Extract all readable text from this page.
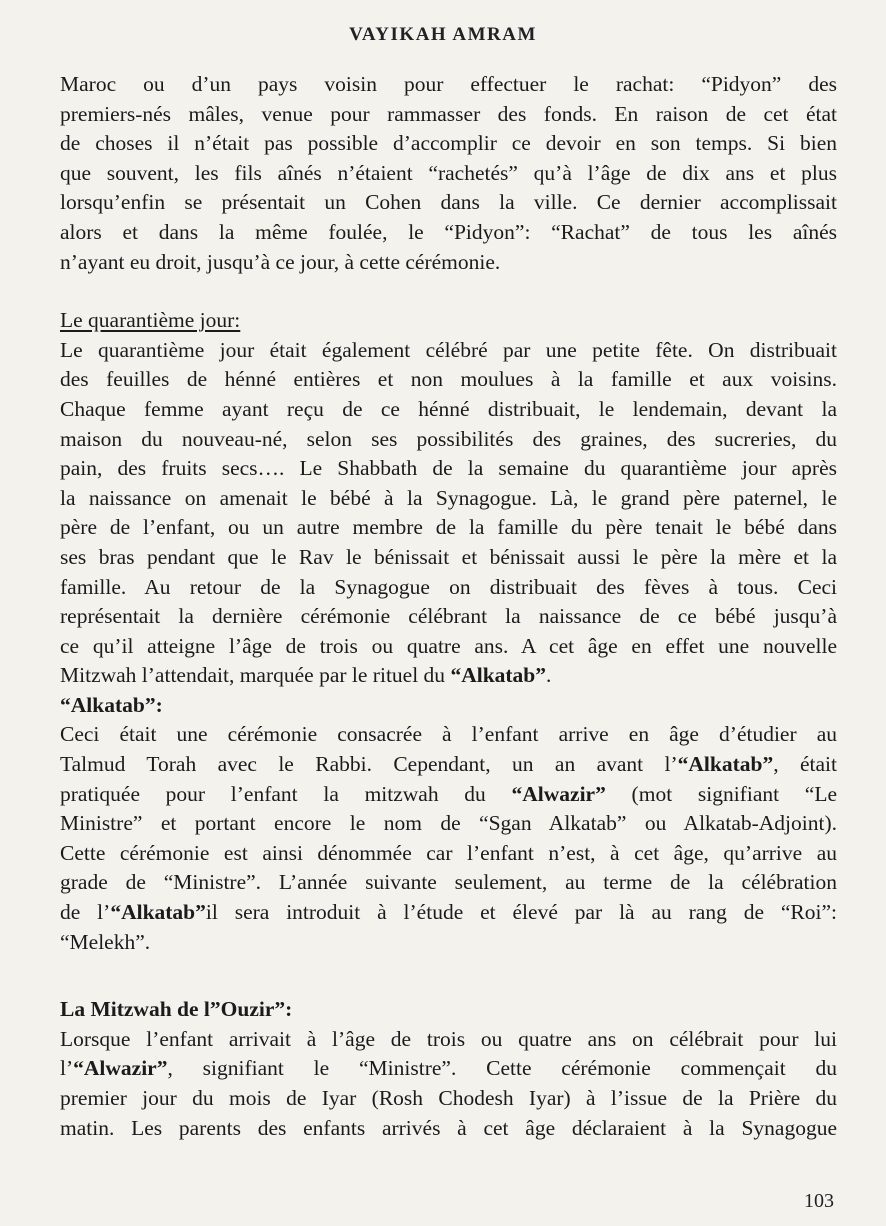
VAYIKAH AMRAM

Maroc ou d’un pays voisin pour effectuer le rachat: “Pidyon” des
premiers-nés mâles, venue pour rammasser des fonds. En raison de cet état
de choses il n’était pas possible d’accomplir ce devoir en son temps. Si bien
que souvent, les fils aînés n’étaient “rachetés” qu’à l’âge de dix ans et plus
lorsqu’enfin se présentait un Cohen dans la ville. Ce dernier accomplissait
alors et dans la même foulée, le “Pidyon”: “Rachat” de tous les aînés
n’ayant eu droit, jusqu’à ce jour, à cette cérémonie.

Le quarantième jour:

Le quarantième jour était également célébré par une petite fête. On distribuait
des feuilles de hénné entières et non moulues à la famille et aux voisins.
Chaque femme ayant reçu de ce hénné distribuait, le lendemain, devant la
maison du nouveau-né, selon ses possibilités des graines, des sucreries, du
pain, des fruits secs…. Le Shabbath de la semaine du quarantième jour après
la naissance on amenait le bébé à la Synagogue. Là, le grand père paternel, le
père de l’enfant, ou un autre membre de la famille du père tenait le bébé dans
ses bras pendant que le Rav le bénissait et bénissait aussi le père la mère et la
famille. Au retour de la Synagogue on distribuait des fèves à tous. Ceci
représentait la dernière cérémonie célébrant la naissance de ce bébé jusqu’à
ce qu’il atteigne l’âge de trois ou quatre ans. A cet âge en effet une nouvelle
Mitzwah l’attendait, marquée par le rituel du “Alkatab”.

“Alkatab”:

Ceci était une cérémonie consacrée à l’enfant arrive en âge d’étudier au
Talmud Torah avec le Rabbi. Cependant, un an avant l’“Alkatab”, était
pratiquée pour l’enfant la mitzwah du “Alwazir” (mot signifiant “Le
Ministre” et portant encore le nom de “Sgan Alkatab” ou Alkatab-Adjoint).
Cette cérémonie est ainsi dénommée car l’enfant n’est, à cet âge, qu’arrive au
grade de “Ministre”. L’année suivante seulement, au terme de la célébration
de l’“Alkatab”il sera introduit à l’étude et élevé par là au rang de “Roi”:
“Melekh”.

La Mitzwah de l”Ouzir”:

Lorsque l’enfant arrivait à l’âge de trois ou quatre ans on célébrait pour lui
l’“Alwazir”, signifiant le “Ministre”. Cette cérémonie commençait du
premier jour du mois de Iyar (Rosh Chodesh Iyar) à l’issue de la Prière du
matin. Les parents des enfants arrivés à cet âge déclaraient à la Synagogue

103
